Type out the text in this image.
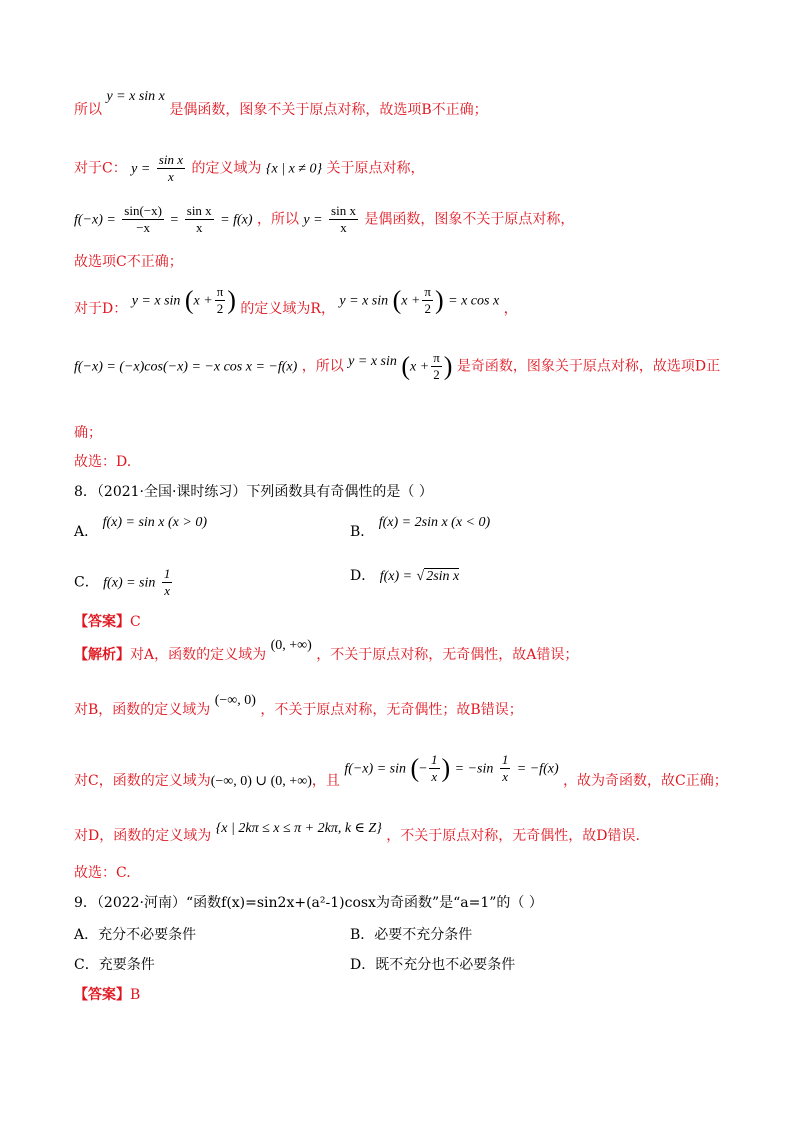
所以 y = x sin x 是偶函数，图象不关于原点对称，故选项B不正确；
对于C： $y = \frac{\text{sin x}}{x}$ 的定义域为 {x | x ≠ 0} 关于原点对称，
$f(-x) = \frac{\sin(-x)}{-x} = \frac{\text{sin x}}{x} = f(x)$ ，所以 $y = \frac{\text{sin x}}{x}$ 是偶函数，图象不关于原点对称，
故选项C不正确；
对于D： y = x $\sin (x + \frac{\pi}{2}$ ) 的定义域为R， y = x $\sin (x + \frac{\pi}{2}$ ) = x cos x ，
f(−x) = (−x)cos(−x) = −x cos x = −f(x) ，所以 y = x $\sin (x + \frac{\pi}{2}$ ) 是奇函数，图象关于原点对称，故选项D正
确；
故选：D.
8．（2021·全国·课时练习）下列函数具有奇偶性的是（ ）
A． f(x) = sin x (x > 0)
B． f(x) = 2sin x (x < 0)
C． $f(x) = \sin \frac{1}{x}$	D． f(x) = √ 2sin x
【答案】C
【解析】对A，函数的定义域为 (0, +∞) ，不关于原点对称，无奇偶性，故A错误；
对B，函数的定义域为 (−∞, 0) ，不关于原点对称，无奇偶性；故B错误；
对C，函数的定义域为(−∞, 0) ∪ (0, +∞)，且 f(−x) = sin (− $\frac{1}{x}$ ) = $-\sin \frac{1}{x} = -f(x)$ ，故为奇函数，故C正确；
对D，函数的定义域为 {x | 2kπ ≤ x ≤ π + 2kπ, k ∈ Z} ，不关于原点对称，无奇偶性，故D错误.
故选：C.
9．（2022·河南）“函数f(x)=sin2x+(a²-1)cosx为奇函数”是“a=1”的（ ）
A．充分不必要条件	B．必要不充分条件
C．充要条件	D．既不充分也不必要条件
【答案】B
